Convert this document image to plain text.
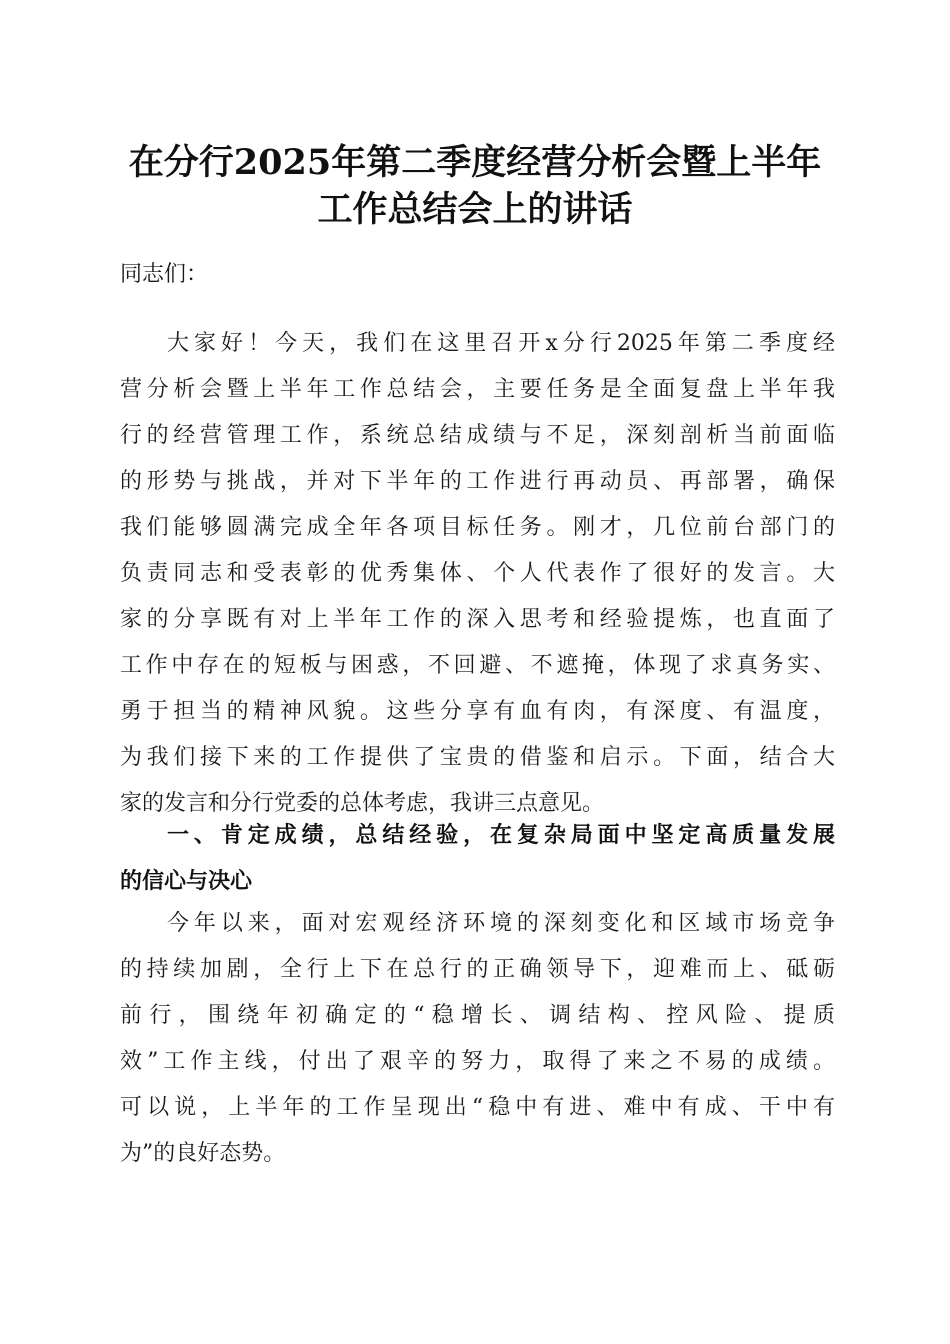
在分行2025年第二季度经营分析会暨上半年
工作总结会上的讲话
同志们：
大家好！今天，我们在这里召开x分行2025年第二季度经
营分析会暨上半年工作总结会，主要任务是全面复盘上半年我
行的经营管理工作，系统总结成绩与不足，深刻剖析当前面临
的形势与挑战，并对下半年的工作进行再动员、再部署，确保
我们能够圆满完成全年各项目标任务。刚才，几位前台部门的
负责同志和受表彰的优秀集体、个人代表作了很好的发言。大
家的分享既有对上半年工作的深入思考和经验提炼，也直面了
工作中存在的短板与困惑，不回避、不遮掩，体现了求真务实、
勇于担当的精神风貌。这些分享有血有肉，有深度、有温度，
为我们接下来的工作提供了宝贵的借鉴和启示。下面，结合大
家的发言和分行党委的总体考虑，我讲三点意见。
一、肯定成绩，总结经验，在复杂局面中坚定高质量发展
的信心与决心
今年以来，面对宏观经济环境的深刻变化和区域市场竞争
的持续加剧，全行上下在总行的正确领导下，迎难而上、砥砺
前行，围绕年初确定的“稳增长、调结构、控风险、提质
效”工作主线，付出了艰辛的努力，取得了来之不易的成绩。
可以说，上半年的工作呈现出“稳中有进、难中有成、干中有
为”的良好态势。
